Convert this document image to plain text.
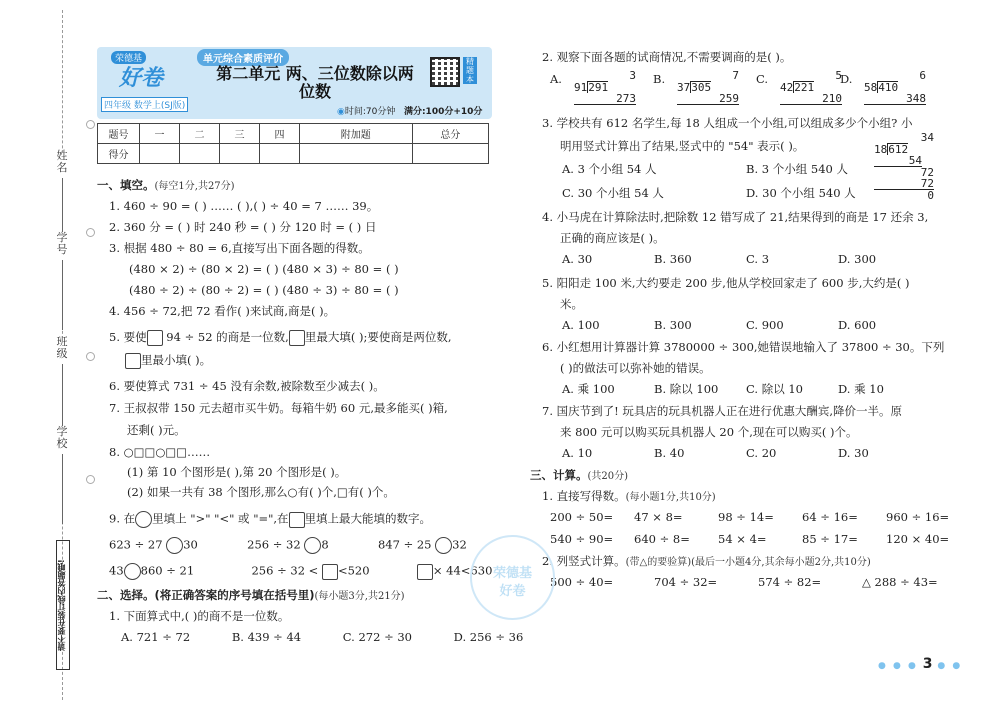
姓名
学号
班级
学校
请不要在装订线内答题哦!
荣德基
好卷
四年级 数学上(SJ版)
单元综合素质评价
第二单元 两、三位数除以两位数
精题本
◉时间:70分钟 满分:100分+10分
题号	一	二	三	四	附加题	总分
得分						
一、填空。(每空1分,共27分)
1. 460 ÷ 90 = ( ) …… ( ),( ) ÷ 40 = 7 …… 39。
2. 360 分 = ( ) 时 240 秒 = ( ) 分 120 时 = ( ) 日
3. 根据 480 ÷ 80 = 6,直接写出下面各题的得数。
(480 × 2) ÷ (80 × 2) = ( ) (480 × 3) ÷ 80 = ( )
(480 ÷ 2) ÷ (80 ÷ 2) = ( ) (480 ÷ 3) ÷ 80 = ( )
4. 456 ÷ 72,把 72 看作( )来试商,商是( )。
5. 要使 94 ÷ 52 的商是一位数, 里最大填( );要使商是两位数,
里最小填( )。
6. 要使算式 731 ÷ 45 没有余数,被除数至少减去( )。
7. 王叔叔带 150 元去超市买牛奶。每箱牛奶 60 元,最多能买( )箱,
还剩( )元。
8. ○□□○□□……
(1) 第 10 个图形是( ),第 20 个图形是( )。
(2) 如果一共有 38 个图形,那么○有( )个,□有( )个。
9. 在 里填上 ">" "<" 或 "=",在 里填上最大能填的数字。
623 ÷ 27 30	256 ÷ 32 8	847 ÷ 25 32
43 860 ÷ 21	256 ÷ 32 < <520	× 44<630
二、选择。(将正确答案的序号填在括号里)(每小题3分,共21分)
1. 下面算式中,( )的商不是一位数。
A. 721 ÷ 72	B. 439 ÷ 44	C. 272 ÷ 30	D. 256 ÷ 36
2. 观察下面各题的试商情况,不需要调商的是( )。
A.	3
91291
273
B.	7
37305
259
C.	5
42221
210
D.	6
58410
348
3. 学校共有 612 名学生,每 18 人组成一个小组,可以组成多少个小组? 小
明用竖式计算出了结果,竖式中的 "54" 表示( )。
34
18612
54
72
72
0
A. 3 个小组 54 人	B. 3 个小组 540 人
C. 30 个小组 54 人	D. 30 个小组 540 人
4. 小马虎在计算除法时,把除数 12 错写成了 21,结果得到的商是 17 还余 3,
正确的商应该是( )。
A. 30	B. 360	C. 3	D. 300
5. 阳阳走 100 米,大约要走 200 步,他从学校回家走了 600 步,大约是( )
米。
A. 100	B. 300	C. 900	D. 600
6. 小红想用计算器计算 3780000 ÷ 300,她错误地输入了 37800 ÷ 30。下列
( )的做法可以弥补她的错误。
A. 乘 100	B. 除以 100 C. 除以 10	D. 乘 10
7. 国庆节到了! 玩具店的玩具机器人正在进行优惠大酬宾,降价一半。原
来 800 元可以购买玩具机器人 20 个,现在可以购买( )个。
A. 10	B. 40	C. 20	D. 30
三、计算。(共20分)
1. 直接写得数。(每小题1分,共10分)
200 ÷ 50= 47 × 8=	98 ÷ 14= 64 ÷ 16= 960 ÷ 16=
540 ÷ 90= 640 ÷ 8= 54 × 4=	85 ÷ 17= 120 × 40=
2. 列竖式计算。(带△的要验算)(最后一小题4分,其余每小题2分,共10分)
500 ÷ 40=	704 ÷ 32=	574 ÷ 82=	△ 288 ÷ 43=
荣德基
好卷
● ● ● 3 ● ●
